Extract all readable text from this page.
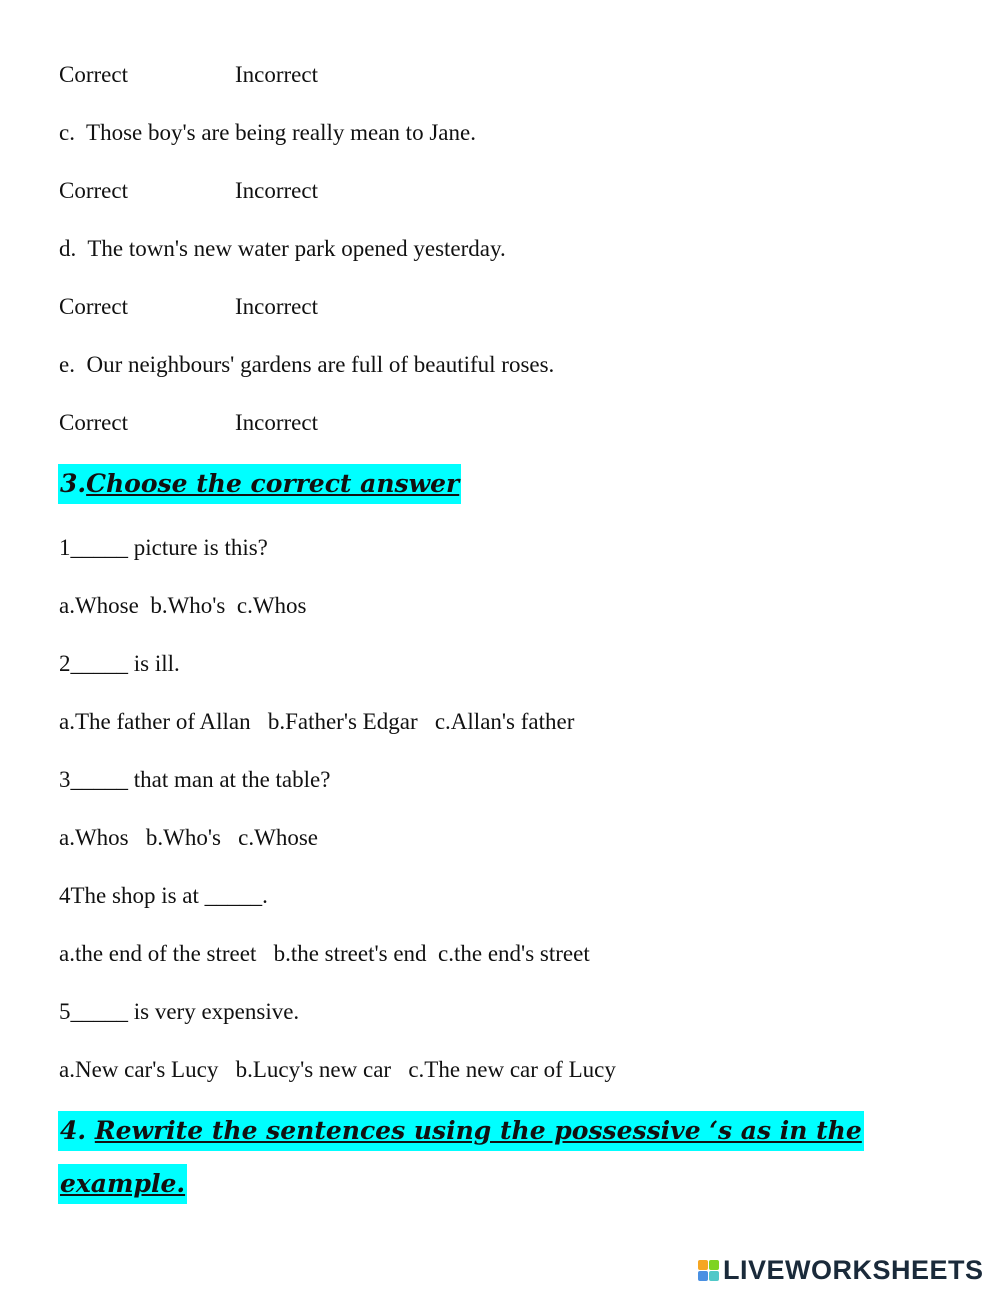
Correct	Incorrect
c.  Those boy's are being really mean to Jane.
Correct	Incorrect
d.  The town's new water park opened yesterday.
Correct	Incorrect
e.  Our neighbours' gardens are full of beautiful roses.
Correct	Incorrect
3.Choose the correct answer
1_____ picture is this?
a.Whose  b.Who's  c.Whos
2_____ is ill.
a.The father of Allan   b.Father's Edgar   c.Allan's father
3_____ that man at the table?
a.Whos   b.Who's   c.Whose
4The shop is at _____.
a.the end of the street   b.the street's end  c.the end's street
5_____ is very expensive.
a.New car's Lucy   b.Lucy's new car   c.The new car of Lucy
4. Rewrite the sentences using the possessive ‘s as in the
example.
LIVEWORKSHEETS
